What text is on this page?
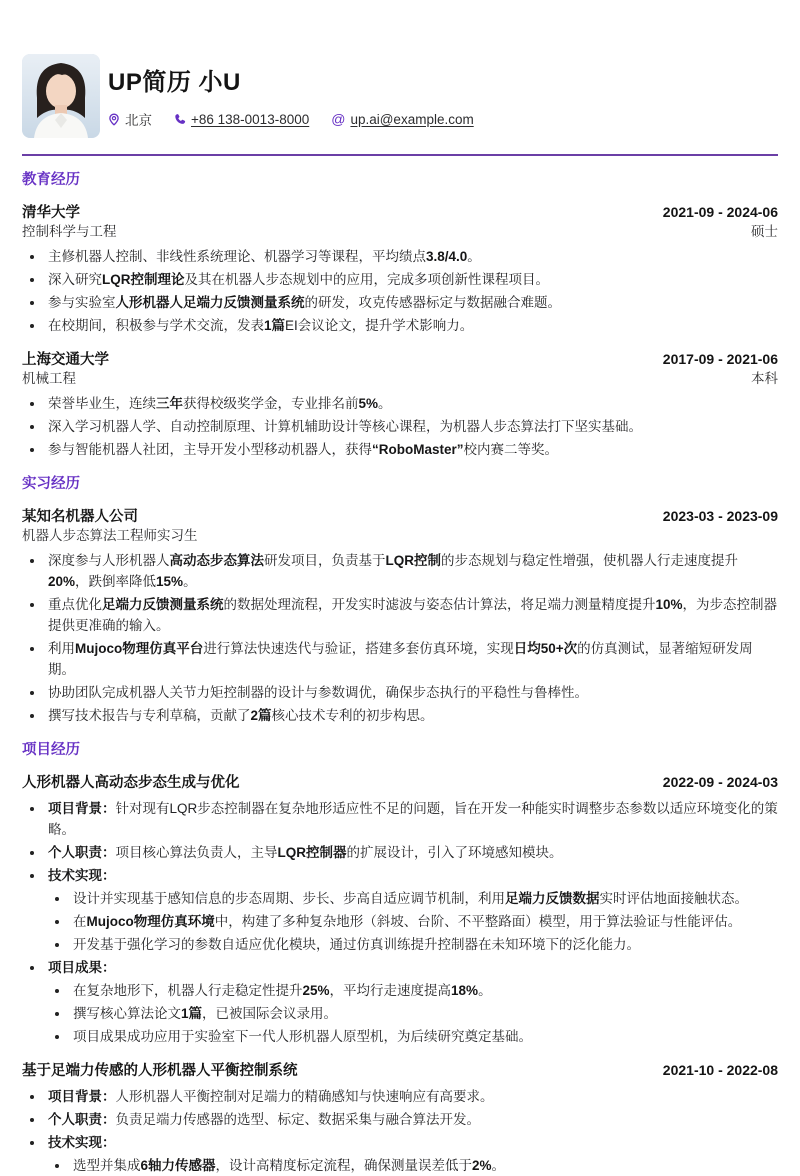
UP简历 小U
北京	+86 138-0013-8000 @ up.ai@example.com
教育经历
清华大学	2021-09 - 2024-06
控制科学与工程	硕士
主修机器人控制、非线性系统理论、机器学习等课程，平均绩点3.8/4.0。
深入研究LQR控制理论及其在机器人步态规划中的应用，完成多项创新性课程项目。
参与实验室人形机器人足端力反馈测量系统的研发，攻克传感器标定与数据融合难题。
在校期间，积极参与学术交流，发表1篇EI会议论文，提升学术影响力。
上海交通大学	2017-09 - 2021-06
机械工程	本科
荣誉毕业生，连续三年获得校级奖学金，专业排名前5%。
深入学习机器人学、自动控制原理、计算机辅助设计等核心课程，为机器人步态算法打下坚实基础。
参与智能机器人社团，主导开发小型移动机器人，获得“RoboMaster”校内赛二等奖。
实习经历
某知名机器人公司	2023-03 - 2023-09
机器人步态算法工程师实习生
深度参与人形机器人高动态步态算法研发项目，负责基于LQR控制的步态规划与稳定性增强，使机器人行走速度提升20%，跌倒率降低15%。
重点优化足端力反馈测量系统的数据处理流程，开发实时滤波与姿态估计算法，将足端力测量精度提升10%，为步态控制器提供更准确的输入。
利用Mujoco物理仿真平台进行算法快速迭代与验证，搭建多套仿真环境，实现日均50+次的仿真测试，显著缩短研发周期。
协助团队完成机器人关节力矩控制器的设计与参数调优，确保步态执行的平稳性与鲁棒性。
撰写技术报告与专利草稿，贡献了2篇核心技术专利的初步构思。
项目经历
人形机器人高动态步态生成与优化	2022-09 - 2024-03
项目背景：针对现有LQR步态控制器在复杂地形适应性不足的问题，旨在开发一种能实时调整步态参数以适应环境变化的策略。
个人职责：项目核心算法负责人，主导LQR控制器的扩展设计，引入了环境感知模块。
技术实现：
设计并实现基于感知信息的步态周期、步长、步高自适应调节机制，利用足端力反馈数据实时评估地面接触状态。
在Mujoco物理仿真环境中，构建了多种复杂地形（斜坡、台阶、不平整路面）模型，用于算法验证与性能评估。
开发基于强化学习的参数自适应优化模块，通过仿真训练提升控制器在未知环境下的泛化能力。
项目成果：
在复杂地形下，机器人行走稳定性提升25%，平均行走速度提高18%。
撰写核心算法论文1篇，已被国际会议录用。
项目成果成功应用于实验室下一代人形机器人原型机，为后续研究奠定基础。
基于足端力传感的人形机器人平衡控制系统	2021-10 - 2022-08
项目背景：人形机器人平衡控制对足端力的精确感知与快速响应有高要求。
个人职责：负责足端力传感器的选型、标定、数据采集与融合算法开发。
技术实现：
选型并集成6轴力传感器，设计高精度标定流程，确保测量误差低于2%。
